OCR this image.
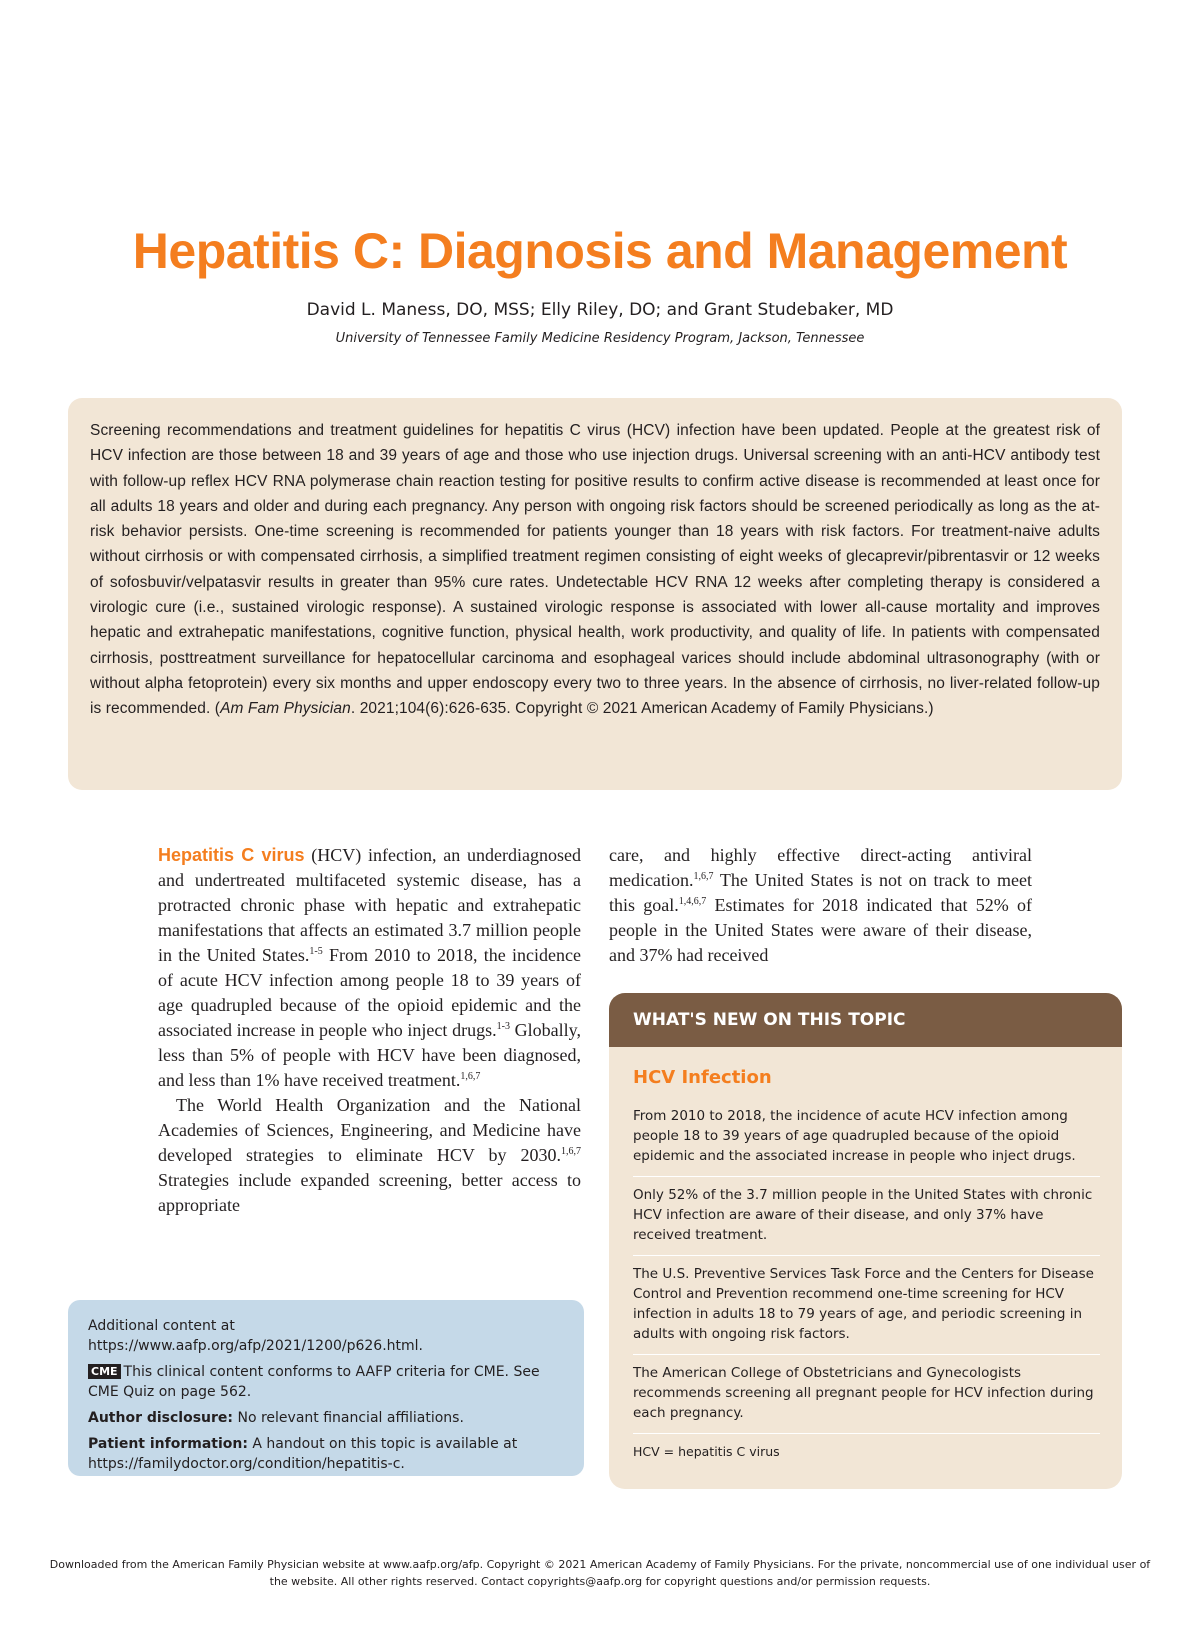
Hepatitis C: Diagnosis and Management
David L. Maness, DO, MSS; Elly Riley, DO; and Grant Studebaker, MD
University of Tennessee Family Medicine Residency Program, Jackson, Tennessee

Screening recommendations and treatment guidelines for hepatitis C virus (HCV) infection have been updated. People at the greatest risk of HCV infection are those between 18 and 39 years of age and those who use injection drugs. Universal screening with an anti-HCV antibody test with follow-up reflex HCV RNA polymerase chain reaction testing for positive results to confirm active disease is recommended at least once for all adults 18 years and older and during each pregnancy. Any person with ongoing risk factors should be screened periodically as long as the at-risk behavior persists. One-time screening is recommended for patients younger than 18 years with risk factors. For treatment-naive adults without cirrhosis or with compensated cirrhosis, a simplified treatment regimen consisting of eight weeks of glecaprevir/pibrentasvir or 12 weeks of sofosbuvir/velpatasvir results in greater than 95% cure rates. Undetectable HCV RNA 12 weeks after completing therapy is considered a virologic cure (i.e., sustained virologic response). A sustained virologic response is associated with lower all-cause mortality and improves hepatic and extrahepatic manifestations, cognitive function, physical health, work productivity, and quality of life. In patients with compensated cirrhosis, posttreatment surveillance for hepatocellular carcinoma and esophageal varices should include abdominal ultrasonography (with or without alpha fetoprotein) every six months and upper endoscopy every two to three years. In the absence of cirrhosis, no liver-related follow-up is recommended. (Am Fam Physician. 2021;104(6):626-635. Copyright © 2021 American Academy of Family Physicians.)

Hepatitis C virus (HCV) infection, an underdiagnosed and undertreated multifaceted systemic disease, has a protracted chronic phase with hepatic and extrahepatic manifestations that affects an estimated 3.7 million people in the United States.$^{1-5}$ From 2010 to 2018, the incidence of acute HCV infection among people 18 to 39 years of age quadrupled because of the opioid epidemic and the associated increase in people who inject drugs.$^{1-3}$ Globally, less than 5% of people with HCV have been diagnosed, and less than 1% have received treatment.$^{1,6,7}$

The World Health Organization and the National Academies of Sciences, Engineering, and Medicine have developed strategies to eliminate HCV by 2030.$^{1,6,7}$ Strategies include expanded screening, better access to appropriate

care, and highly effective direct-acting antiviral medication.$^{1,6,7}$ The United States is not on track to meet this goal.$^{1,4,6,7}$ Estimates for 2018 indicated that 52% of people in the United States were aware of their disease, and 37% had received

Additional content at https://www.aafp.org/afp/2021/1200/p626.html.
CME This clinical content conforms to AAFP criteria for CME. See CME Quiz on page 562.
Author disclosure: No relevant financial affiliations.
Patient information: A handout on this topic is available at https://familydoctor.org/condition/hepatitis-c.
WHAT'S NEW ON THIS TOPIC
HCV Infection
From 2010 to 2018, the incidence of acute HCV infection among people 18 to 39 years of age quadrupled because of the opioid epidemic and the associated increase in people who inject drugs.
Only 52% of the 3.7 million people in the United States with chronic HCV infection are aware of their disease, and only 37% have received treatment.
The U.S. Preventive Services Task Force and the Centers for Disease Control and Prevention recommend one-time screening for HCV infection in adults 18 to 79 years of age, and periodic screening in adults with ongoing risk factors.
The American College of Obstetricians and Gynecologists recommends screening all pregnant people for HCV infection during each pregnancy.
HCV = hepatitis C virus
Downloaded from the American Family Physician website at www.aafp.org/afp. Copyright © 2021 American Academy of Family Physicians. For the private, noncommercial use of one individual user of the website. All other rights reserved. Contact copyrights@aafp.org for copyright questions and/or permission requests.
